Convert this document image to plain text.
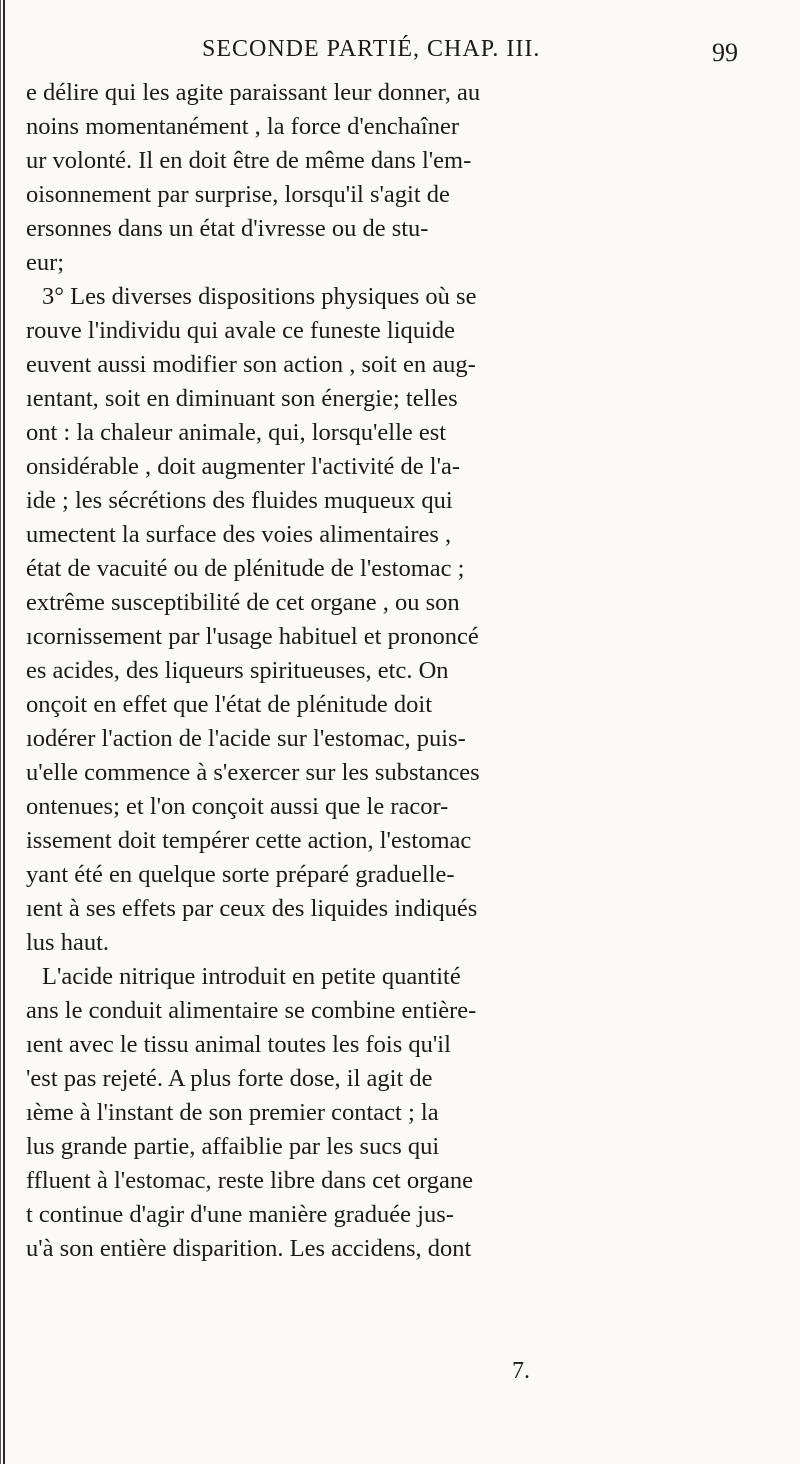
SECONDE PARTIÉ, CHAP. III.	99
e délire qui les agite paraissant leur donner, au
noins momentanément , la force d'enchaîner
ur volonté. Il en doit être de même dans l'em-
oisonnement par surprise, lorsqu'il s'agit de
ersonnes dans un état d'ivresse ou de stu-
eur;
3° Les diverses dispositions physiques où se
rouve l'individu qui avale ce funeste liquide
euvent aussi modifier son action , soit en aug-
ıentant, soit en diminuant son énergie; telles
ont : la chaleur animale, qui, lorsqu'elle est
onsidérable , doit augmenter l'activité de l'a-
ide ; les sécrétions des fluides muqueux qui
umectent la surface des voies alimentaires ,
état de vacuité ou de plénitude de l'estomac ;
extrême susceptibilité de cet organe , ou son
ıcornissement par l'usage habituel et prononcé
es acides, des liqueurs spiritueuses, etc. On
onçoit en effet que l'état de plénitude doit
ıodérer l'action de l'acide sur l'estomac, puis-
u'elle commence à s'exercer sur les substances
ontenues; et l'on conçoit aussi que le racor-
issement doit tempérer cette action, l'estomac
yant été en quelque sorte préparé graduelle-
ıent à ses effets par ceux des liquides indiqués
lus haut.
L'acide nitrique introduit en petite quantité
ans le conduit alimentaire se combine entière-
ıent avec le tissu animal toutes les fois qu'il
'est pas rejeté. A plus forte dose, il agit de
ıème à l'instant de son premier contact ; la
lus grande partie, affaiblie par les sucs qui
ffluent à l'estomac, reste libre dans cet organe
t continue d'agir d'une manière graduée jus-
u'à son entière disparition. Les accidens, dont
7.
